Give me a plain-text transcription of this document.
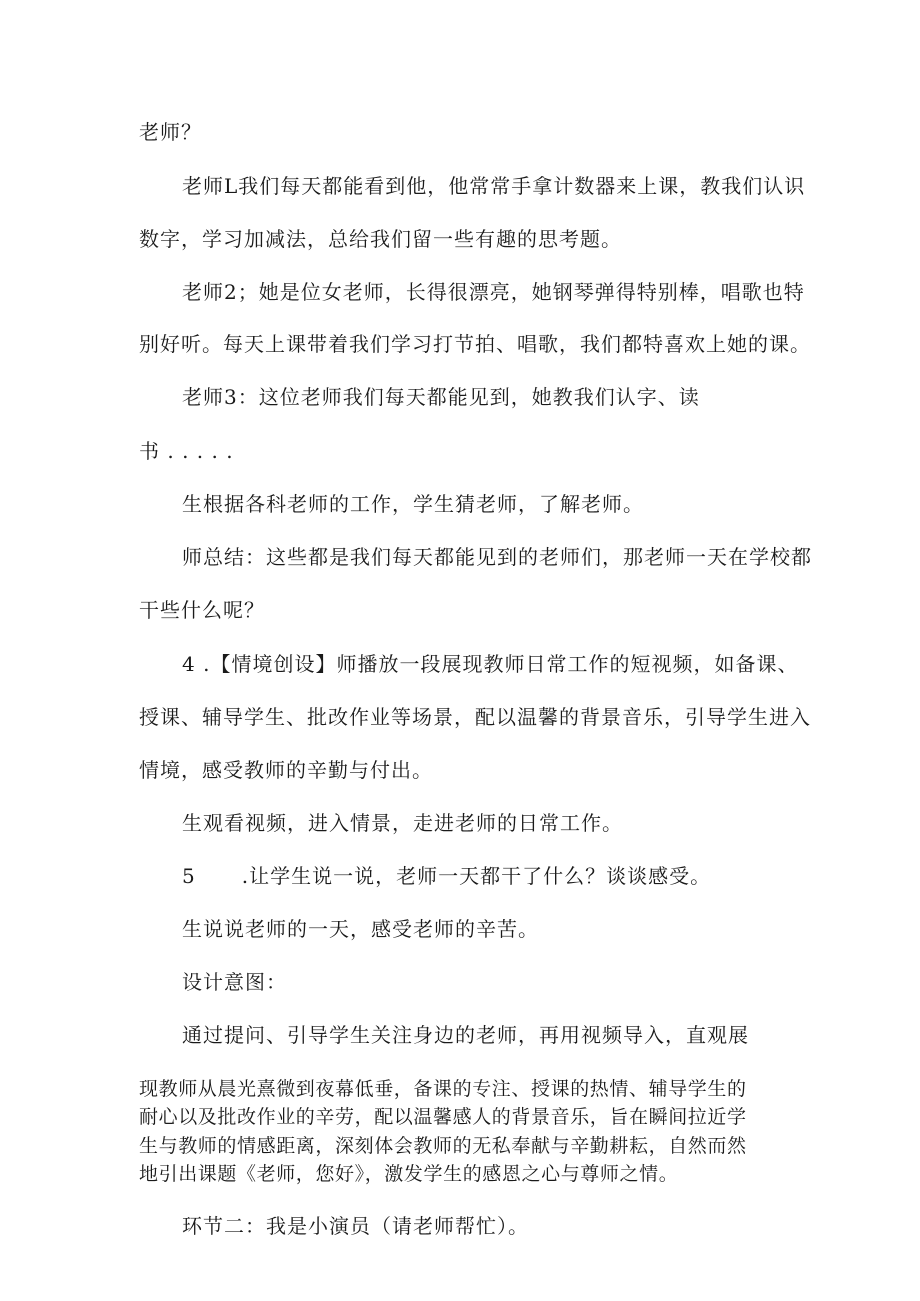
老师？
老师L我们每天都能看到他，他常常手拿计数器来上课，教我们认识
数字，学习加减法，总给我们留一些有趣的思考题。
老师2；她是位女老师，长得很漂亮，她钢琴弹得特别棒，唱歌也特
别好听。每天上课带着我们学习打节拍、唱歌，我们都特喜欢上她的课。
老师3：这位老师我们每天都能见到，她教我们认字、读
书 . . . . .
生根据各科老师的工作，学生猜老师，了解老师。
师总结：这些都是我们每天都能见到的老师们，那老师一天在学校都
干些什么呢？
4 .【情境创设】师播放一段展现教师日常工作的短视频，如备课、
授课、辅导学生、批改作业等场景，配以温馨的背景音乐，引导学生进入
情境，感受教师的辛勤与付出。
生观看视频，进入情景，走进老师的日常工作。
5 .让学生说一说，老师一天都干了什么？谈谈感受。
生说说老师的一天，感受老师的辛苦。
设计意图：
通过提问、引导学生关注身边的老师，再用视频导入，直观展
现教师从晨光熹微到夜幕低垂，备课的专注、授课的热情、辅导学生的
耐心以及批改作业的辛劳，配以温馨感人的背景音乐，旨在瞬间拉近学
生与教师的情感距离，深刻体会教师的无私奉献与辛勤耕耘，自然而然
地引出课题《老师，您好》，激发学生的感恩之心与尊师之情。
环节二：我是小演员（请老师帮忙）。
